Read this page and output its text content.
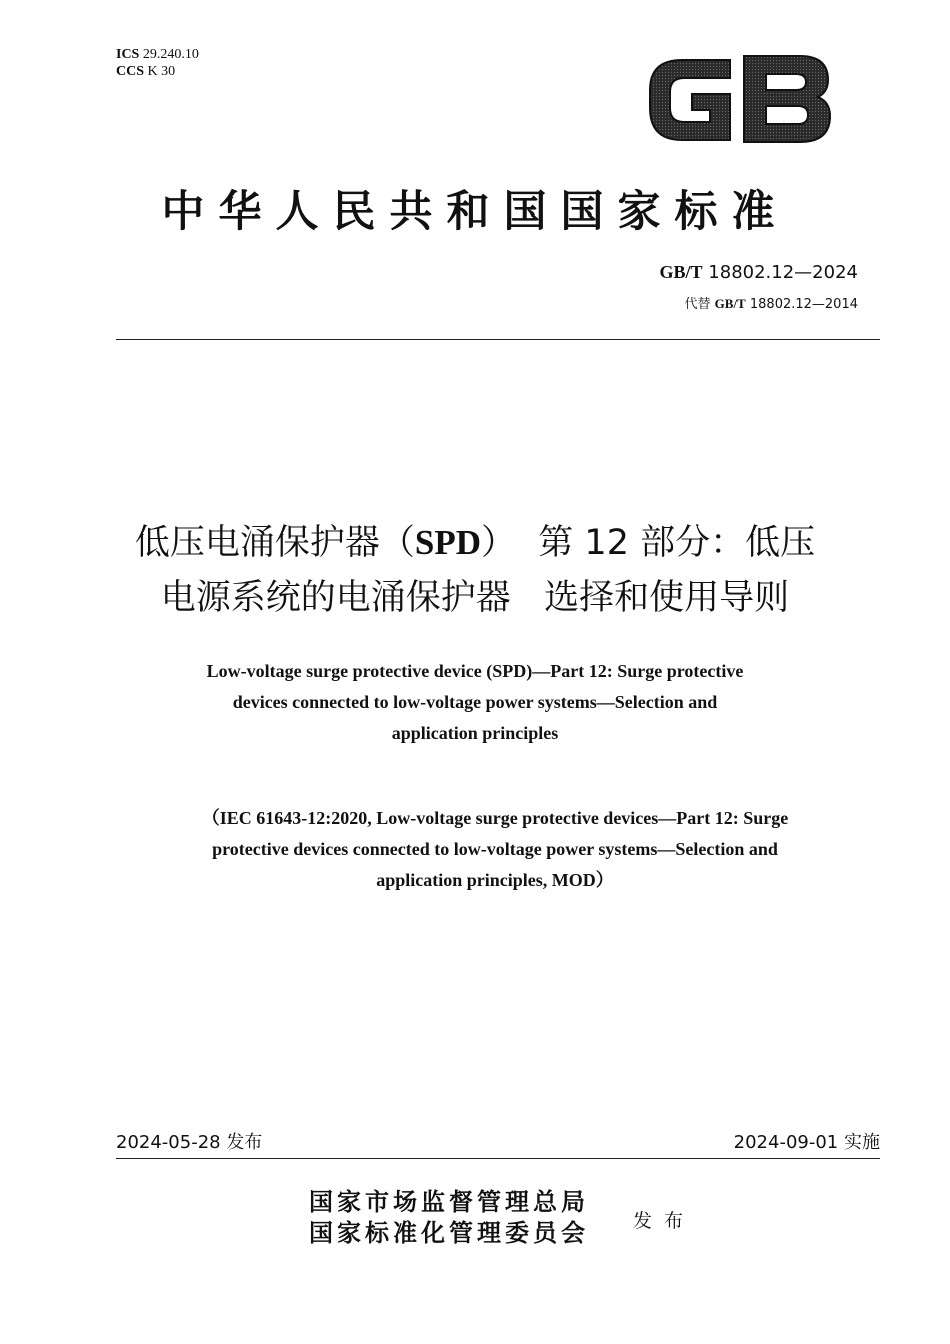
ICS 29.240.10
CCS K 30
GB
中华人民共和国国家标准
GB/T 18802.12—2024
代替 GB/T 18802.12—2014
低压电涌保护器（SPD）  第 12 部分：低压
电源系统的电涌保护器   选择和使用导则
Low-voltage surge protective device (SPD)—Part 12: Surge protective
devices connected to low-voltage power systems—Selection and
application principles
（IEC 61643-12:2020, Low-voltage surge protective devices—Part 12: Surge
protective devices connected to low-voltage power systems—Selection and
application principles, MOD）
2024-05-28 发布	2024-09-01 实施
国家市场监督管理总局
国家标准化管理委员会 发布
